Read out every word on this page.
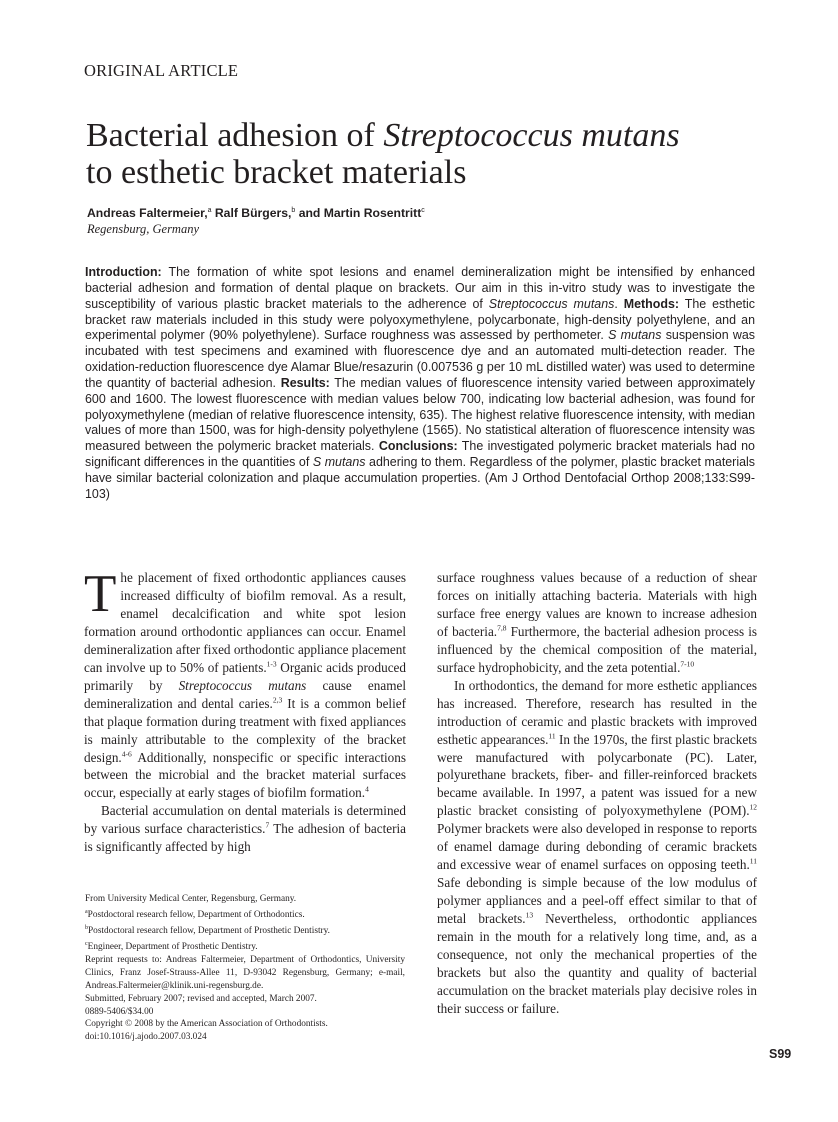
ORIGINAL ARTICLE
Bacterial adhesion of Streptococcus mutans
to esthetic bracket materials
Andreas Faltermeier,$^a$ Ralf Bürgers,$^b$ and Martin Rosentritt$^c$
Regensburg, Germany

Introduction: The formation of white spot lesions and enamel demineralization might be intensified by enhanced bacterial adhesion and formation of dental plaque on brackets. Our aim in this in-vitro study was to investigate the susceptibility of various plastic bracket materials to the adherence of Streptococcus mutans. Methods: The esthetic bracket raw materials included in this study were polyoxymethylene, polycarbonate, high-density polyethylene, and an experimental polymer (90% polyethylene). Surface roughness was assessed by perthometer. S mutans suspension was incubated with test specimens and examined with fluorescence dye and an automated multi-detection reader. The oxidation-reduction fluorescence dye Alamar Blue/resazurin (0.007536 g per 10 mL distilled water) was used to determine the quantity of bacterial adhesion. Results: The median values of fluorescence intensity varied between approximately 600 and 1600. The lowest fluorescence with median values below 700, indicating low bacterial adhesion, was found for polyoxymethylene (median of relative fluorescence intensity, 635). The highest relative fluorescence intensity, with median values of more than 1500, was for high-density polyethylene (1565). No statistical alteration of fluorescence intensity was measured between the polymeric bracket materials. Conclusions: The investigated polymeric bracket materials had no significant differences in the quantities of S mutans adhering to them. Regardless of the polymer, plastic bracket materials have similar bacterial colonization and plaque accumulation properties. (Am J Orthod Dentofacial Orthop 2008;133:S99-103)

The placement of fixed orthodontic appliances causes increased difficulty of biofilm removal. As a result, enamel decalcification and white spot lesion formation around orthodontic appliances can occur. Enamel demineralization after fixed orthodontic appliance placement can involve up to 50% of patients.$^{1-3}$ Organic acids produced primarily by Streptococcus mutans cause enamel demineralization and dental caries.$^{2,3}$ It is a common belief that plaque formation during treatment with fixed appliances is mainly attributable to the complexity of the bracket design.$^{4-6}$ Additionally, nonspecific or specific interactions between the microbial and the bracket material surfaces occur, especially at early stages of biofilm formation.$^4$

Bacterial accumulation on dental materials is determined by various surface characteristics.$^7$ The adhesion of bacteria is significantly affected by high

From University Medical Center, Regensburg, Germany.
$^a$Postdoctoral research fellow, Department of Orthodontics.
$^b$Postdoctoral research fellow, Department of Prosthetic Dentistry.
$^c$Engineer, Department of Prosthetic Dentistry.
Reprint requests to: Andreas Faltermeier, Department of Orthodontics, University Clinics, Franz Josef-Strauss-Allee 11, D-93042 Regensburg, Germany; e-mail, Andreas.Faltermeier@klinik.uni-regensburg.de.
Submitted, February 2007; revised and accepted, March 2007.
0889-5406/$34.00
Copyright © 2008 by the American Association of Orthodontists.
doi:10.1016/j.ajodo.2007.03.024

surface roughness values because of a reduction of shear forces on initially attaching bacteria. Materials with high surface free energy values are known to increase adhesion of bacteria.$^{7,8}$ Furthermore, the bacterial adhesion process is influenced by the chemical composition of the material, surface hydrophobicity, and the zeta potential.$^{7-10}$

In orthodontics, the demand for more esthetic appliances has increased. Therefore, research has resulted in the introduction of ceramic and plastic brackets with improved esthetic appearances.$^{11}$ In the 1970s, the first plastic brackets were manufactured with polycarbonate (PC). Later, polyurethane brackets, fiber- and filler-reinforced brackets became available. In 1997, a patent was issued for a new plastic bracket consisting of polyoxymethylene (POM).$^{12}$ Polymer brackets were also developed in response to reports of enamel damage during debonding of ceramic brackets and excessive wear of enamel surfaces on opposing teeth.$^{11}$ Safe debonding is simple because of the low modulus of polymer appliances and a peel-off effect similar to that of metal brackets.$^{13}$ Nevertheless, orthodontic appliances remain in the mouth for a relatively long time, and, as a consequence, not only the mechanical properties of the brackets but also the quantity and quality of bacterial accumulation on the bracket materials play decisive roles in their success or failure.

S99
